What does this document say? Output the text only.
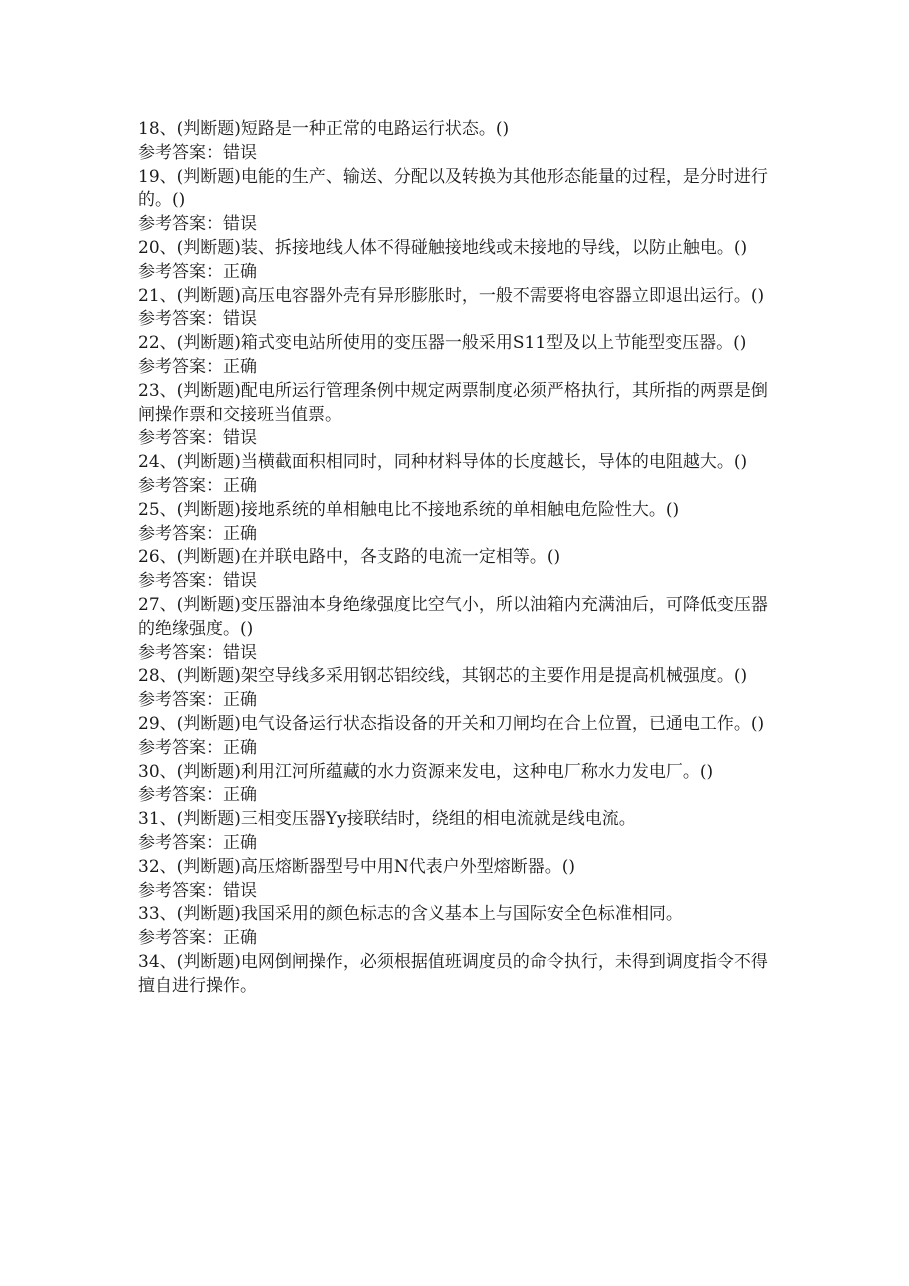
18、(判断题)短路是一种正常的电路运行状态。()

参考答案：错误

19、(判断题)电能的生产、输送、分配以及转换为其他形态能量的过程，是分时进行的。()

参考答案：错误

20、(判断题)装、拆接地线人体不得碰触接地线或未接地的导线，以防止触电。()

参考答案：正确

21、(判断题)高压电容器外壳有异形膨胀时，一般不需要将电容器立即退出运行。()

参考答案：错误

22、(判断题)箱式变电站所使用的变压器一般采用S11型及以上节能型变压器。()

参考答案：正确

23、(判断题)配电所运行管理条例中规定两票制度必须严格执行，其所指的两票是倒闸操作票和交接班当值票。

参考答案：错误

24、(判断题)当横截面积相同时，同种材料导体的长度越长，导体的电阻越大。()

参考答案：正确

25、(判断题)接地系统的单相触电比不接地系统的单相触电危险性大。()

参考答案：正确

26、(判断题)在并联电路中，各支路的电流一定相等。()

参考答案：错误

27、(判断题)变压器油本身绝缘强度比空气小，所以油箱内充满油后，可降低变压器的绝缘强度。()

参考答案：错误

28、(判断题)架空导线多采用钢芯铝绞线，其钢芯的主要作用是提高机械强度。()

参考答案：正确

29、(判断题)电气设备运行状态指设备的开关和刀闸均在合上位置，已通电工作。()

参考答案：正确

30、(判断题)利用江河所蕴藏的水力资源来发电，这种电厂称水力发电厂。()

参考答案：正确

31、(判断题)三相变压器Yy接联结时，绕组的相电流就是线电流。

参考答案：正确

32、(判断题)高压熔断器型号中用N代表户外型熔断器。()

参考答案：错误

33、(判断题)我国采用的颜色标志的含义基本上与国际安全色标准相同。

参考答案：正确

34、(判断题)电网倒闸操作，必须根据值班调度员的命令执行，未得到调度指令不得擅自进行操作。
